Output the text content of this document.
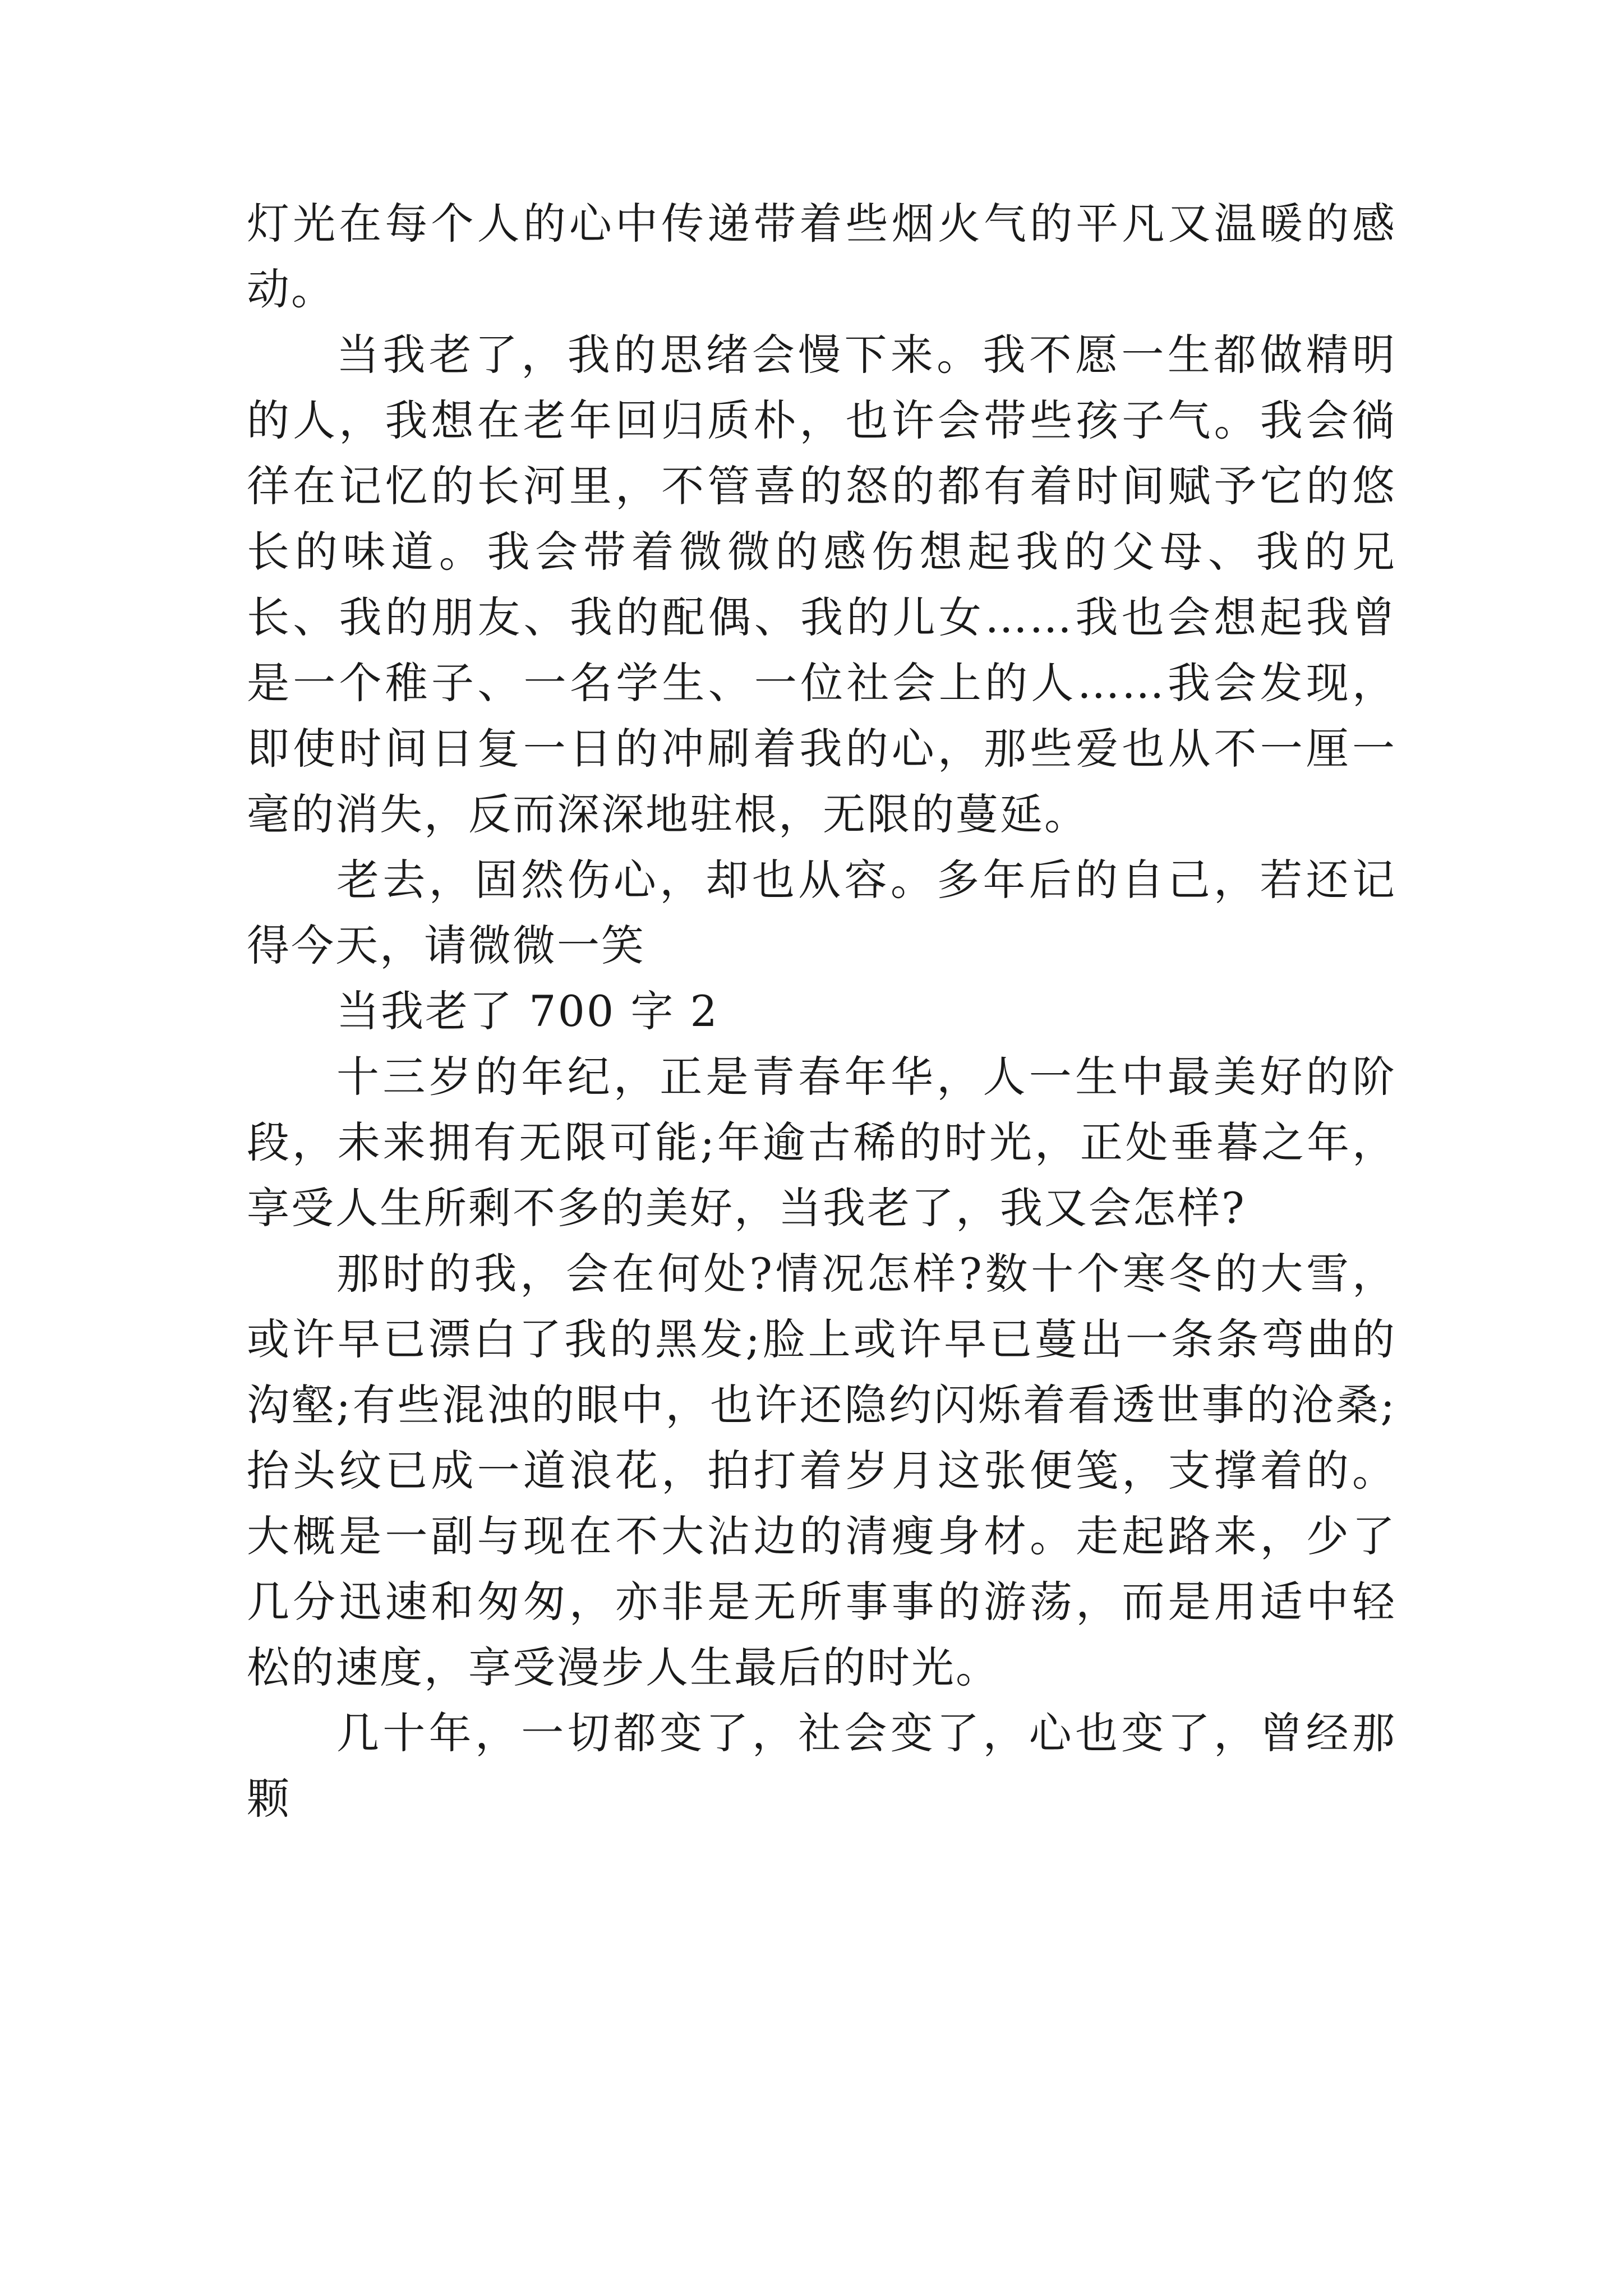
灯光在每个人的心中传递带着些烟火气的平凡又温暖的感动。

当我老了，我的思绪会慢下来。我不愿一生都做精明的人，我想在老年回归质朴，也许会带些孩子气。我会徜徉在记忆的长河里，不管喜的怒的都有着时间赋予它的悠长的味道。我会带着微微的感伤想起我的父母、我的兄长、我的朋友、我的配偶、我的儿女……我也会想起我曾是一个稚子、一名学生、一位社会上的人……我会发现，即使时间日复一日的冲刷着我的心，那些爱也从不一厘一毫的消失，反而深深地驻根，无限的蔓延。

老去，固然伤心，却也从容。多年后的自己，若还记得今天，请微微一笑

当我老了 700 字 2

十三岁的年纪，正是青春年华，人一生中最美好的阶段，未来拥有无限可能;年逾古稀的时光，正处垂暮之年，享受人生所剩不多的美好，当我老了，我又会怎样?

那时的我，会在何处?情况怎样?数十个寒冬的大雪，或许早已漂白了我的黑发;脸上或许早已蔓出一条条弯曲的沟壑;有些混浊的眼中，也许还隐约闪烁着看透世事的沧桑;抬头纹已成一道浪花，拍打着岁月这张便笺，支撑着的。大概是一副与现在不大沾边的清瘦身材。走起路来，少了几分迅速和匆匆，亦非是无所事事的游荡，而是用适中轻松的速度，享受漫步人生最后的时光。

几十年，一切都变了，社会变了，心也变了，曾经那颗
